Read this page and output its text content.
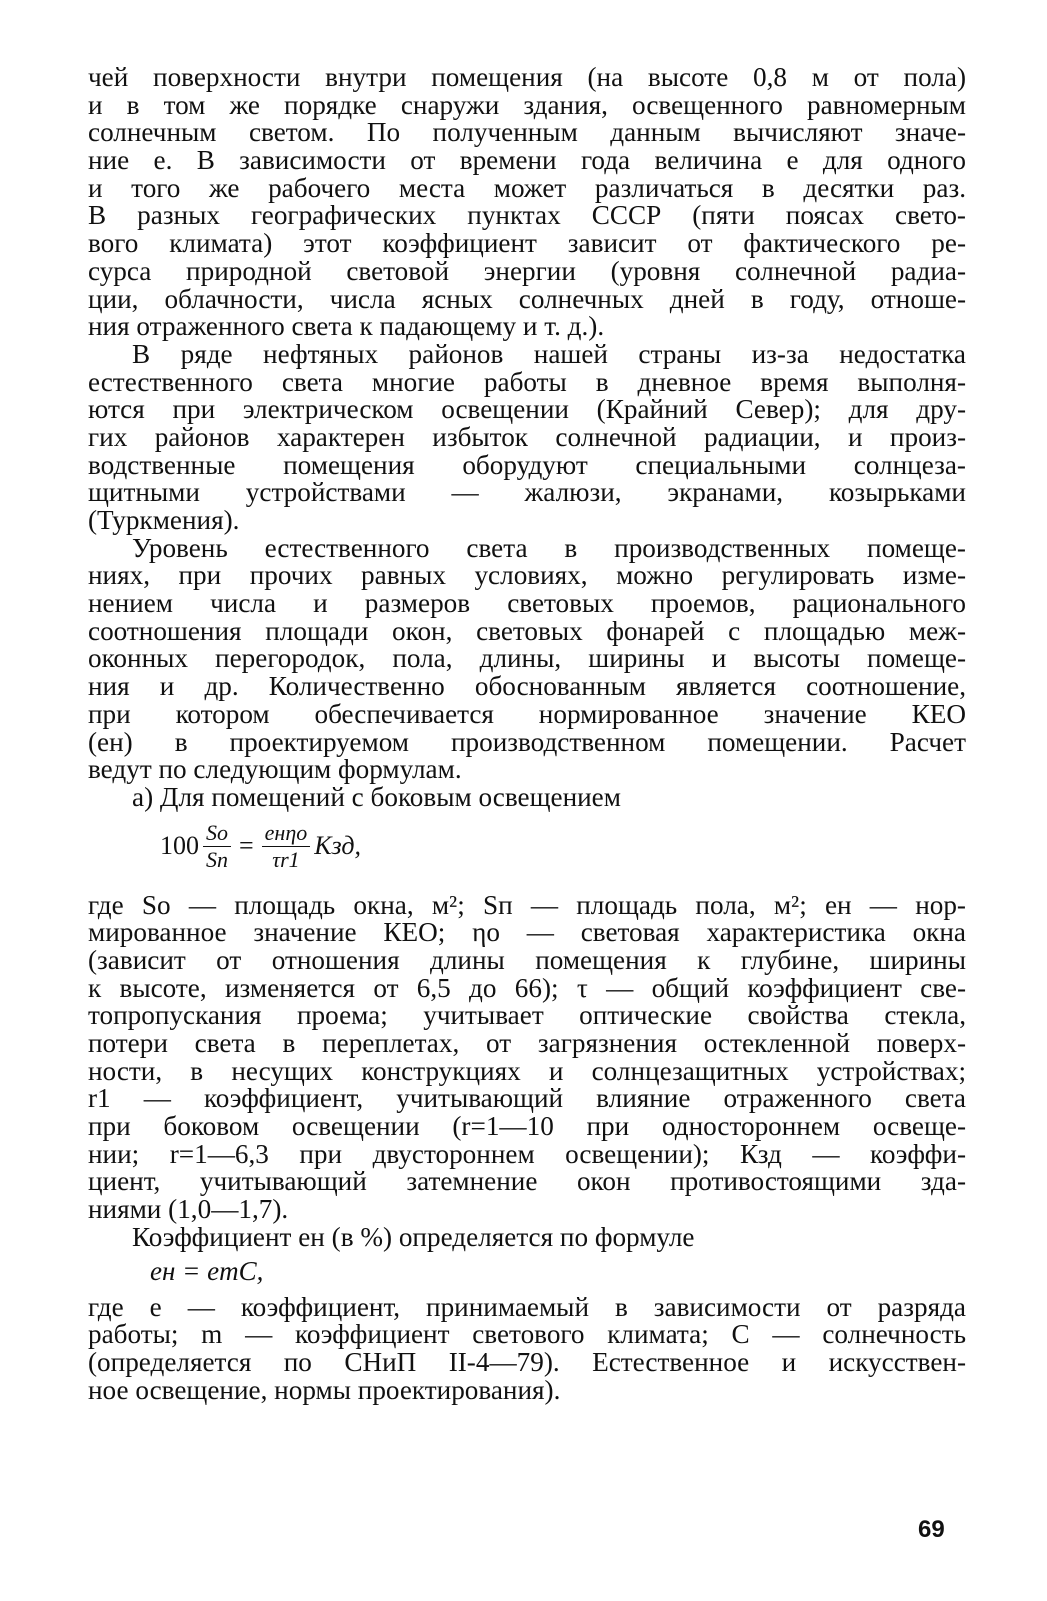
чей поверхности внутри помещения (на высоте 0,8 м от пола)
и в том же порядке снаружи здания, освещенного равномерным
солнечным светом. По полученным данным вычисляют значе-
ние е. В зависимости от времени года величина е для одного
и того же рабочего места может различаться в десятки раз.
В разных географических пунктах СССР (пяти поясах свето-
вого климата) этот коэффициент зависит от фактического ре-
сурса природной световой энергии (уровня солнечной радиа-
ции, облачности, числа ясных солнечных дней в году, отноше-
ния отраженного света к падающему и т. д.).
В ряде нефтяных районов нашей страны из-за недостатка
естественного света многие работы в дневное время выполня-
ются при электрическом освещении (Крайний Север); для дру-
гих районов характерен избыток солнечной радиации, и произ-
водственные помещения оборудуют специальными солнцеза-
щитными устройствами — жалюзи, экранами, козырьками
(Туркмения).
Уровень естественного света в производственных помеще-
ниях, при прочих равных условиях, можно регулировать изме-
нением числа и размеров световых проемов, рационального
соотношения площади окон, световых фонарей с площадью меж-
оконных перегородок, пола, длины, ширины и высоты помеще-
ния и др. Количественно обоснованным является соотношение,
при котором обеспечивается нормированное значение КЕО
(ен) в проектируемом производственном помещении. Расчет
ведут по следующим формулам.
а) Для помещений с боковым освещением
$100 \frac{Sо}{Sп} = \frac{\text{енηо}}{\tau r1}$ Кзд,
где Sо — площадь окна, м²; Sп — площадь пола, м²; ен — нор-
мированное значение КЕО; ηо — световая характеристика окна
(зависит от отношения длины помещения к глубине, ширины
к высоте, изменяется от 6,5 до 66); τ — общий коэффициент све-
топропускания проема; учитывает оптические свойства стекла,
потери света в переплетах, от загрязнения остекленной поверх-
ности, в несущих конструкциях и солнцезащитных устройствах;
r1 — коэффициент, учитывающий влияние отраженного света
при боковом освещении (r=1—10 при одностороннем освеще-
нии; r=1—6,3 при двустороннем освещении); Кзд — коэффи-
циент, учитывающий затемнение окон противостоящими зда-
ниями (1,0—1,7).
Коэффициент ен (в %) определяется по формуле
ен = emC,
где е — коэффициент, принимаемый в зависимости от разряда
работы; m — коэффициент светового климата; С — солнечность
(определяется по СНиП II-4—79). Естественное и искусствен-
ное освещение, нормы проектирования).
69
